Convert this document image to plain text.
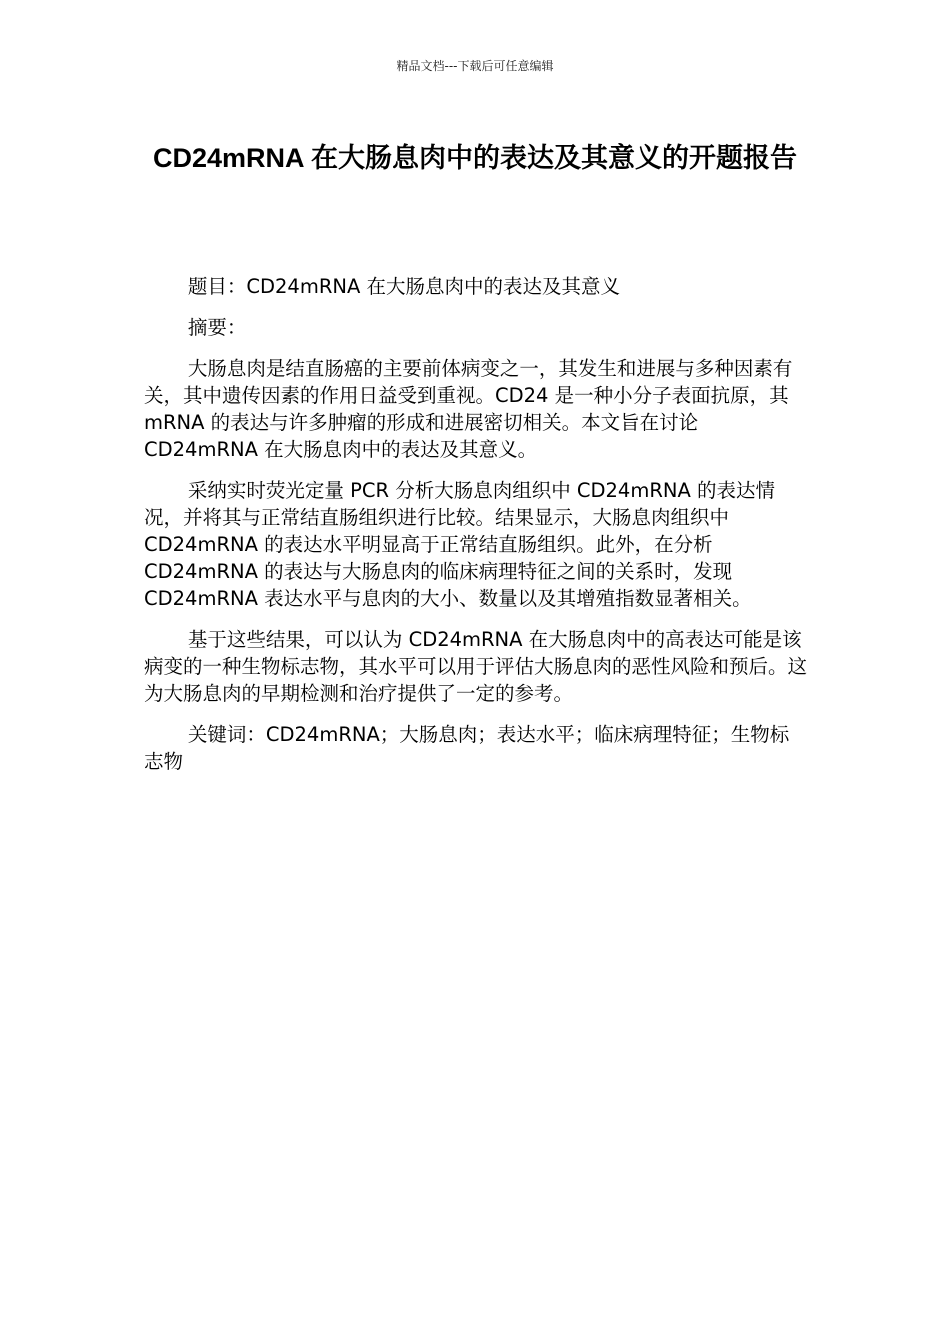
精品文档---下载后可任意编辑
CD24mRNA 在大肠息肉中的表达及其意义的开题报告

题目：CD24mRNA 在大肠息肉中的表达及其意义

摘要：

大肠息肉是结直肠癌的主要前体病变之一，其发生和进展与多种因素有关，其中遗传因素的作用日益受到重视。CD24 是一种小分子表面抗原，其 mRNA 的表达与许多肿瘤的形成和进展密切相关。本文旨在讨论 CD24mRNA 在大肠息肉中的表达及其意义。

采纳实时荧光定量 PCR 分析大肠息肉组织中 CD24mRNA 的表达情况，并将其与正常结直肠组织进行比较。结果显示，大肠息肉组织中 CD24mRNA 的表达水平明显高于正常结直肠组织。此外，在分析 CD24mRNA 的表达与大肠息肉的临床病理特征之间的关系时，发现 CD24mRNA 表达水平与息肉的大小、数量以及其增殖指数显著相关。

基于这些结果，可以认为 CD24mRNA 在大肠息肉中的高表达可能是该病变的一种生物标志物，其水平可以用于评估大肠息肉的恶性风险和预后。这为大肠息肉的早期检测和治疗提供了一定的参考。

关键词：CD24mRNA；大肠息肉；表达水平；临床病理特征；生物标志物
